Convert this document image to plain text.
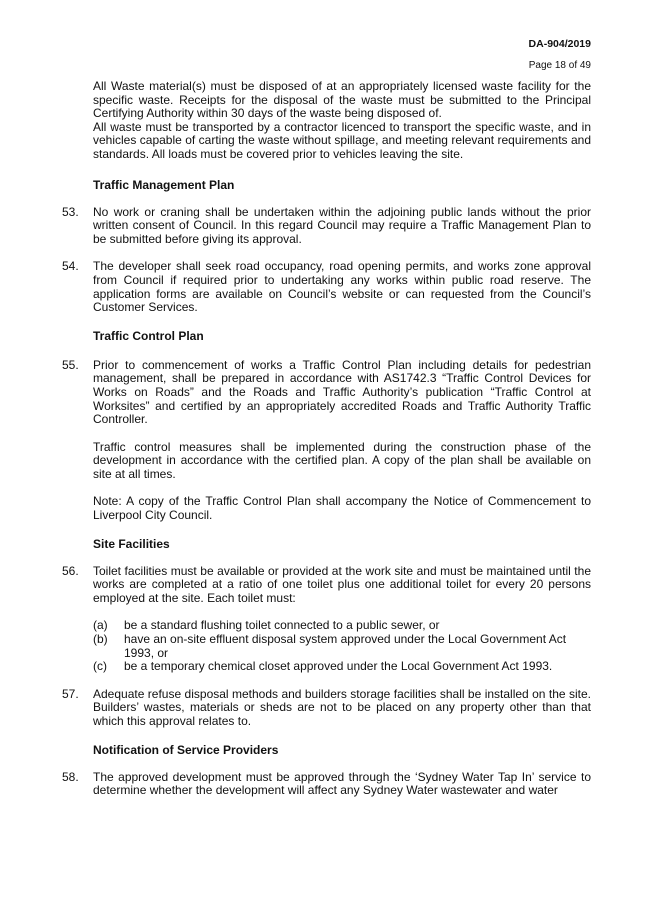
DA-904/2019
Page 18 of 49

All Waste material(s) must be disposed of at an appropriately licensed waste facility for the specific waste. Receipts for the disposal of the waste must be submitted to the Principal Certifying Authority within 30 days of the waste being disposed of.

All waste must be transported by a contractor licenced to transport the specific waste, and in vehicles capable of carting the waste without spillage, and meeting relevant requirements and standards. All loads must be covered prior to vehicles leaving the site.

Traffic Management Plan
53.	No work or craning shall be undertaken within the adjoining public lands without the prior written consent of Council. In this regard Council may require a Traffic Management Plan to be submitted before giving its approval.

54.	The developer shall seek road occupancy, road opening permits, and works zone approval from Council if required prior to undertaking any works within public road reserve. The application forms are available on Council’s website or can requested from the Council’s Customer Services.

Traffic Control Plan
55.	Prior to commencement of works a Traffic Control Plan including details for pedestrian management, shall be prepared in accordance with AS1742.3 “Traffic Control Devices for Works on Roads” and the Roads and Traffic Authority’s publication “Traffic Control at Worksites” and certified by an appropriately accredited Roads and Traffic Authority Traffic Controller.

Traffic control measures shall be implemented during the construction phase of the development in accordance with the certified plan. A copy of the plan shall be available on site at all times.

Note: A copy of the Traffic Control Plan shall accompany the Notice of Commencement to Liverpool City Council.

Site Facilities
56.	Toilet facilities must be available or provided at the work site and must be maintained until the works are completed at a ratio of one toilet plus one additional toilet for every 20 persons employed at the site. Each toilet must:

(a)	be a standard flushing toilet connected to a public sewer, or
(b)	have an on-site effluent disposal system approved under the Local Government Act 1993, or
(c)	be a temporary chemical closet approved under the Local Government Act 1993.
57.	Adequate refuse disposal methods and builders storage facilities shall be installed on the site. Builders’ wastes, materials or sheds are not to be placed on any property other than that which this approval relates to.

Notification of Service Providers
58.	The approved development must be approved through the ‘Sydney Water Tap In’ service to determine whether the development will affect any Sydney Water wastewater and water
